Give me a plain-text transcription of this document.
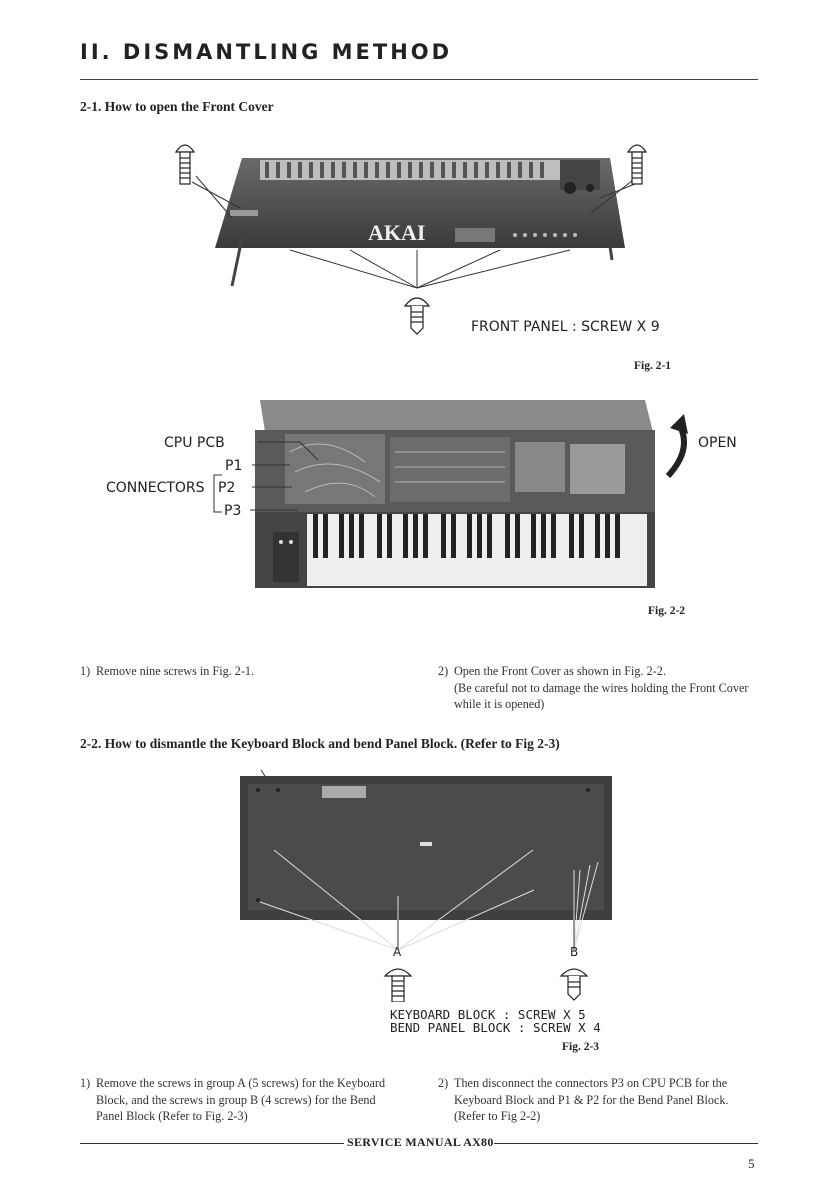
II. DISMANTLING METHOD
2-1. How to open the Front Cover
AKAI
FRONT PANEL : SCREW X 9
Fig. 2-1
CPU PCB
P1
CONNECTORS P2
P3
OPEN
Fig. 2-2
1) Remove nine screws in Fig. 2-1.	2) Open the Front Cover as shown in Fig. 2-2.
(Be careful not to damage the wires holding the Front Cover while it is opened)
2-2. How to dismantle the Keyboard Block and bend Panel Block. (Refer to Fig 2-3)
A	B
KEYBOARD BLOCK : SCREW X 5
BEND PANEL BLOCK : SCREW X 4
Fig. 2-3
1) Remove the screws in group A (5 screws) for the Keyboard Block, and the screws in group B (4 screws) for the Bend Panel Block (Refer to Fig. 2-3)
2) Then disconnect the connectors P3 on CPU PCB for the Keyboard Block and P1 & P2 for the Bend Panel Block. (Refer to Fig 2-2)
SERVICE MANUAL AX80
5
